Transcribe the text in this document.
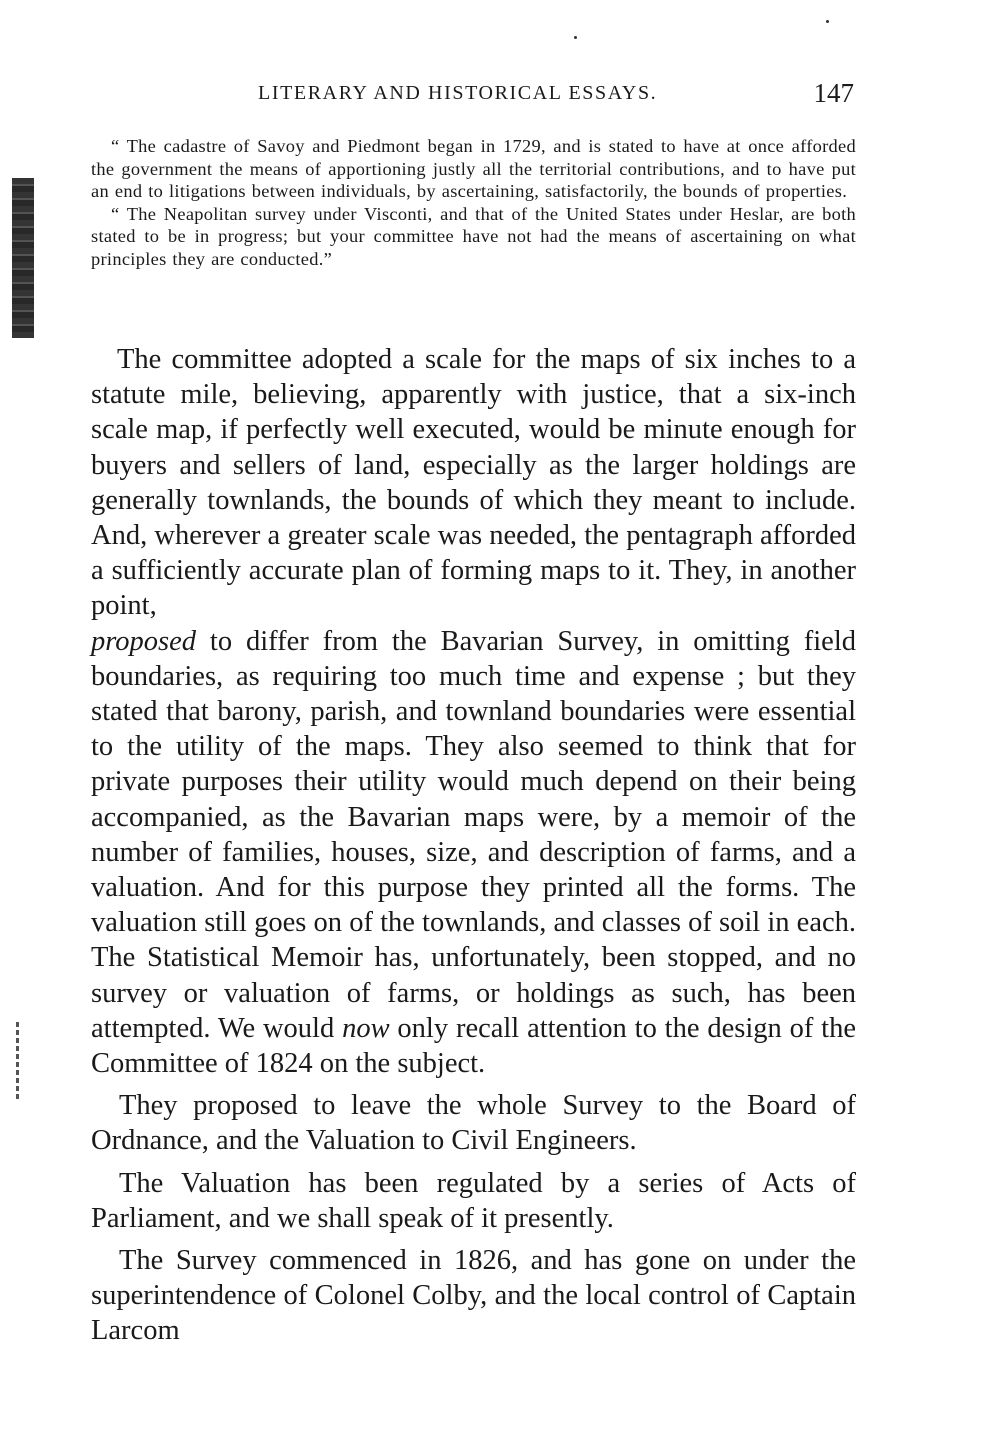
LITERARY AND HISTORICAL ESSAYS.	147

“ The cadastre of Savoy and Piedmont began in 1729, and is stated to have at once afforded the government the means of apportioning justly all the territorial contributions, and to have put an end to litigations between individuals, by ascertaining, satisfactorily, the bounds of properties.

“ The Neapolitan survey under Visconti, and that of the United States under Heslar, are both stated to be in progress; but your committee have not had the means of ascertaining on what principles they are conducted.”

The committee adopted a scale for the maps of six inches to a statute mile, believing, apparently with justice, that a six-inch scale map, if perfectly well executed, would be minute enough for buyers and sellers of land, especially as the larger holdings are generally townlands, the bounds of which they meant to include. And, wherever a greater scale was needed, the pentagraph afforded a sufficiently accurate plan of forming maps to it. They, in another point,
proposed to differ from the Bavarian Survey, in omitting field boundaries, as requiring too much time and expense ; but they stated that barony, parish, and townland boundaries were essential to the utility of the maps. They also seemed to think that for private purposes their utility would much depend on their being accompanied, as the Bavarian maps were, by a memoir of the number of families, houses, size, and description of farms, and a valuation. And for this purpose they printed all the forms. The valuation still goes on of the townlands, and classes of soil in each. The Statistical Memoir has, unfortunately, been stopped, and no survey or valuation of farms, or holdings as such, has been attempted. We would now only recall attention to the design of the Committee of 1824 on the subject.

They proposed to leave the whole Survey to the Board of Ordnance, and the Valuation to Civil Engineers.

The Valuation has been regulated by a series of Acts of Parliament, and we shall speak of it presently.

The Survey commenced in 1826, and has gone on under the superintendence of Colonel Colby, and the local control of Captain Larcom
